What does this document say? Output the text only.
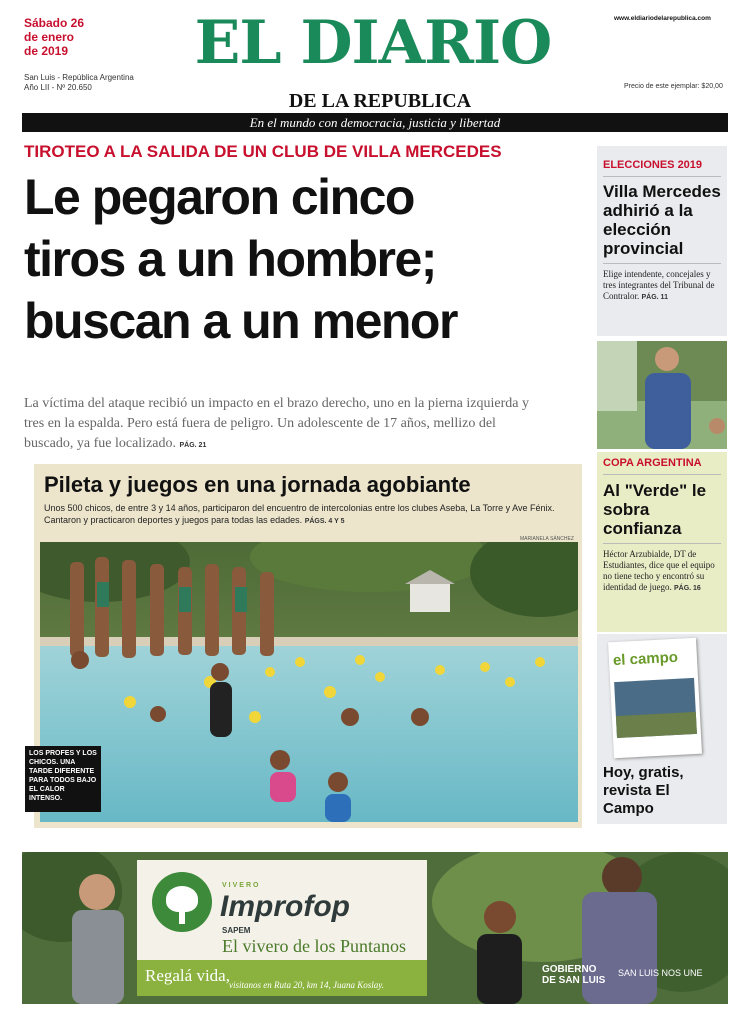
Sábado 26
de enero
de 2019
San Luis - República Argentina
Año LII - Nº 20.650
EL DIARIO
DE LA REPUBLICA
www.eldiariodelarepublica.com
Precio de este ejemplar: $20,00
En el mundo con democracia, justicia y libertad
TIROTEO A LA SALIDA DE UN CLUB DE VILLA MERCEDES
Le pegaron cinco
tiros a un hombre;
buscan a un menor
La víctima del ataque recibió un impacto en el brazo derecho, uno en la pierna izquierda y tres en la espalda. Pero está fuera de peligro. Un adolescente de 17 años, mellizo del buscado, ya fue localizado. PÁG. 21
Pileta y juegos en una jornada agobiante
Unos 500 chicos, de entre 3 y 14 años, participaron del encuentro de intercolonias entre los clubes Aseba, La Torre y Ave Fénix. Cantaron y practicaron deportes y juegos para todas las edades. PÁGS. 4 Y 5
MARIANELA SÁNCHEZ
LOS PROFES Y LOS CHICOS. UNA TARDE DIFERENTE PARA TODOS BAJO EL CALOR INTENSO.
ELECCIONES 2019
Villa Mercedes adhirió a la elección provincial
Elige intendente, concejales y tres integrantes del Tribunal de Contralor. PÁG. 11
COPA ARGENTINA
Al "Verde" le sobra confianza
Héctor Arzubialde, DT de Estudiantes, dice que el equipo no tiene techo y encontró su identidad de juego. PÁG. 16
el campo
Hoy, gratis, revista El Campo
VIVERO
Improfop
SAPEM
El vivero de los Puntanos
Regalá vida, visitanos en Ruta 20, km 14, Juana Koslay.
GOBIERNO DE SAN LUIS
SAN LUIS NOS UNE
